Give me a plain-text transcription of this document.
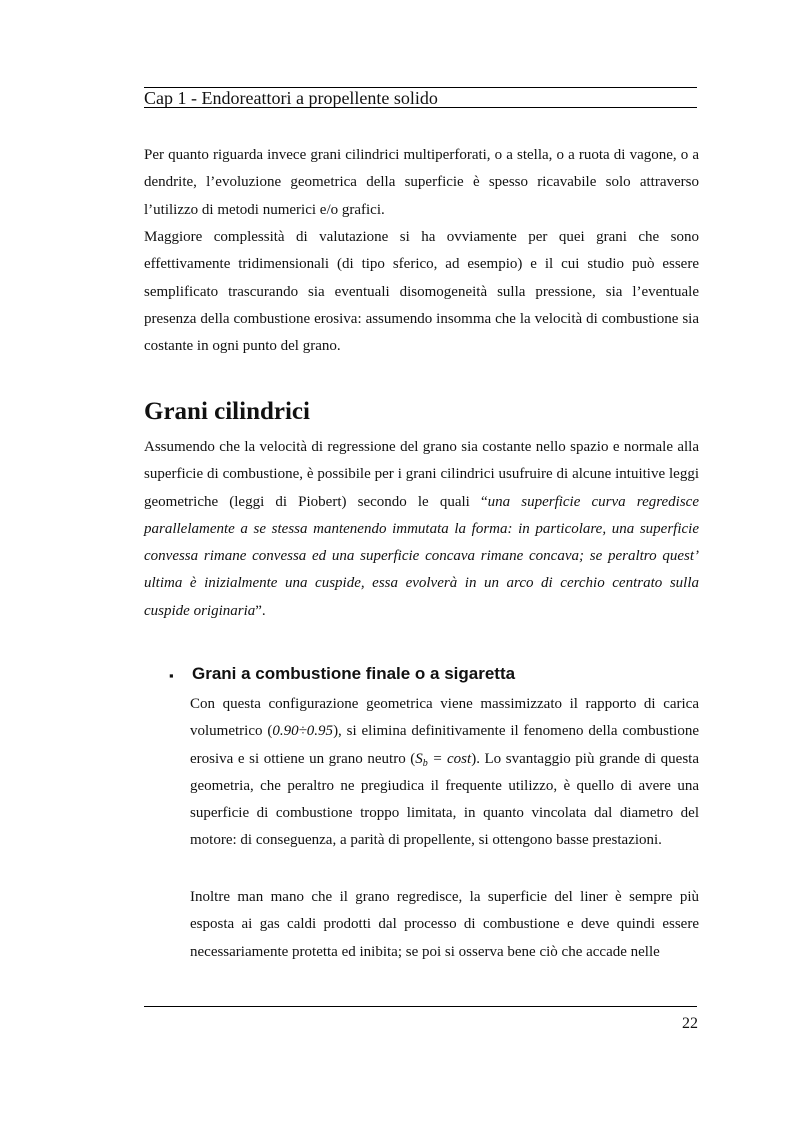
Cap 1 - Endoreattori a propellente solido

Per quanto riguarda invece grani cilindrici multiperforati, o a stella, o a ruota di vagone, o a dendrite, l’evoluzione geometrica della superficie è spesso ricavabile solo attraverso l’utilizzo di metodi numerici e/o grafici.

Maggiore complessità di valutazione si ha ovviamente per quei grani che sono effettivamente tridimensionali (di tipo sferico, ad esempio) e il cui studio può essere semplificato trascurando sia eventuali disomogeneità sulla pressione, sia l’eventuale presenza della combustione erosiva: assumendo insomma che la velocità di combustione sia costante in ogni punto del grano.

Grani cilindrici

Assumendo che la velocità di regressione del grano sia costante nello spazio e normale alla superficie di combustione, è possibile per i grani cilindrici usufruire di alcune intuitive leggi geometriche (leggi di Piobert) secondo le quali “una superficie curva regredisce parallelamente a se stessa mantenendo immutata la forma: in particolare, una superficie convessa rimane convessa ed una superficie concava rimane concava; se peraltro quest’ ultima è inizialmente una cuspide, essa evolverà in un arco di cerchio centrato sulla cuspide originaria”.

▪ Grani a combustione finale o a sigaretta

Con questa configurazione geometrica viene massimizzato il rapporto di carica volumetrico (0.90÷0.95), si elimina definitivamente il fenomeno della combustione erosiva e si ottiene un grano neutro $(S_b = \cos t)$. Lo svantaggio più grande di questa geometria, che peraltro ne pregiudica il frequente utilizzo, è quello di avere una superficie di combustione troppo limitata, in quanto vincolata dal diametro del motore: di conseguenza, a parità di propellente, si ottengono basse prestazioni.

Inoltre man mano che il grano regredisce, la superficie del liner è sempre più esposta ai gas caldi prodotti dal processo di combustione e deve quindi essere necessariamente protetta ed inibita; se poi si osserva bene ciò che accade nelle

22
